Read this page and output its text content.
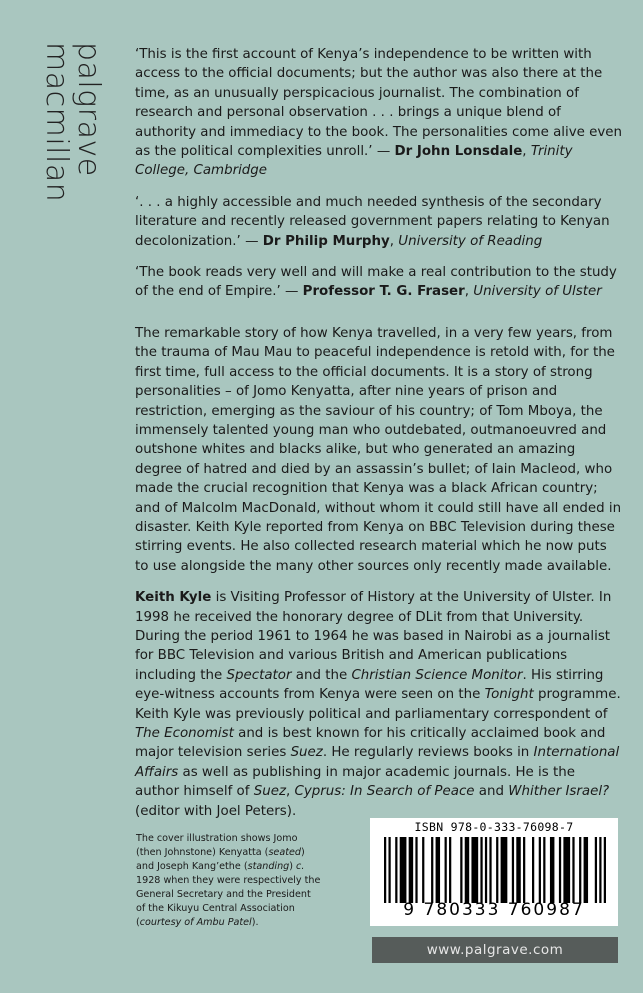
palgrave
macmillan	‘This is the first account of Kenya’s independence to be written with access to the official documents; but the author was also there at the time, as an unusually perspicacious journalist. The combination of research and personal observation . . . brings a unique blend of authority and immediacy to the book. The personalities come alive even as the political complexities unroll.’ — Dr John Lonsdale, Trinity College, Cambridge

‘. . . a highly accessible and much needed synthesis of the secondary literature and recently released government papers relating to Kenyan decolonization.’ — Dr Philip Murphy, University of Reading

‘The book reads very well and will make a real contribution to the study of the end of Empire.’ — Professor T. G. Fraser, University of Ulster

The remarkable story of how Kenya travelled, in a very few years, from the trauma of Mau Mau to peaceful independence is retold with, for the first time, full access to the official documents. It is a story of strong personalities – of Jomo Kenyatta, after nine years of prison and restriction, emerging as the saviour of his country; of Tom Mboya, the immensely talented young man who outdebated, outmanoeuvred and outshone whites and blacks alike, but who generated an amazing degree of hatred and died by an assassin’s bullet; of Iain Macleod, who made the crucial recognition that Kenya was a black African country; and of Malcolm MacDonald, without whom it could still have all ended in disaster. Keith Kyle reported from Kenya on BBC Television during these stirring events. He also collected research material which he now puts to use alongside the many other sources only recently made available.

Keith Kyle is Visiting Professor of History at the University of Ulster. In 1998 he received the honorary degree of DLit from that University. During the period 1961 to 1964 he was based in Nairobi as a journalist for BBC Television and various British and American publications including the Spectator and the Christian Science Monitor. His stirring eye-witness accounts from Kenya were seen on the Tonight programme. Keith Kyle was previously political and parliamentary correspondent of The Economist and is best known for his critically acclaimed book and major television series Suez. He regularly reviews books in International Affairs as well as publishing in major academic journals. He is the author himself of Suez, Cyprus: In Search of Peace and Whither Israel? (editor with Joel Peters).

The cover illustration shows Jomo (then Johnstone) Kenyatta (seated) and Joseph Kang’ethe (standing) c. 1928 when they were respectively the General Secretary and the President of the Kikuyu Central Association (courtesy of Ambu Patel).
ISBN 978-0-333-76098-7
9 780333 760987
www.palgrave.com
